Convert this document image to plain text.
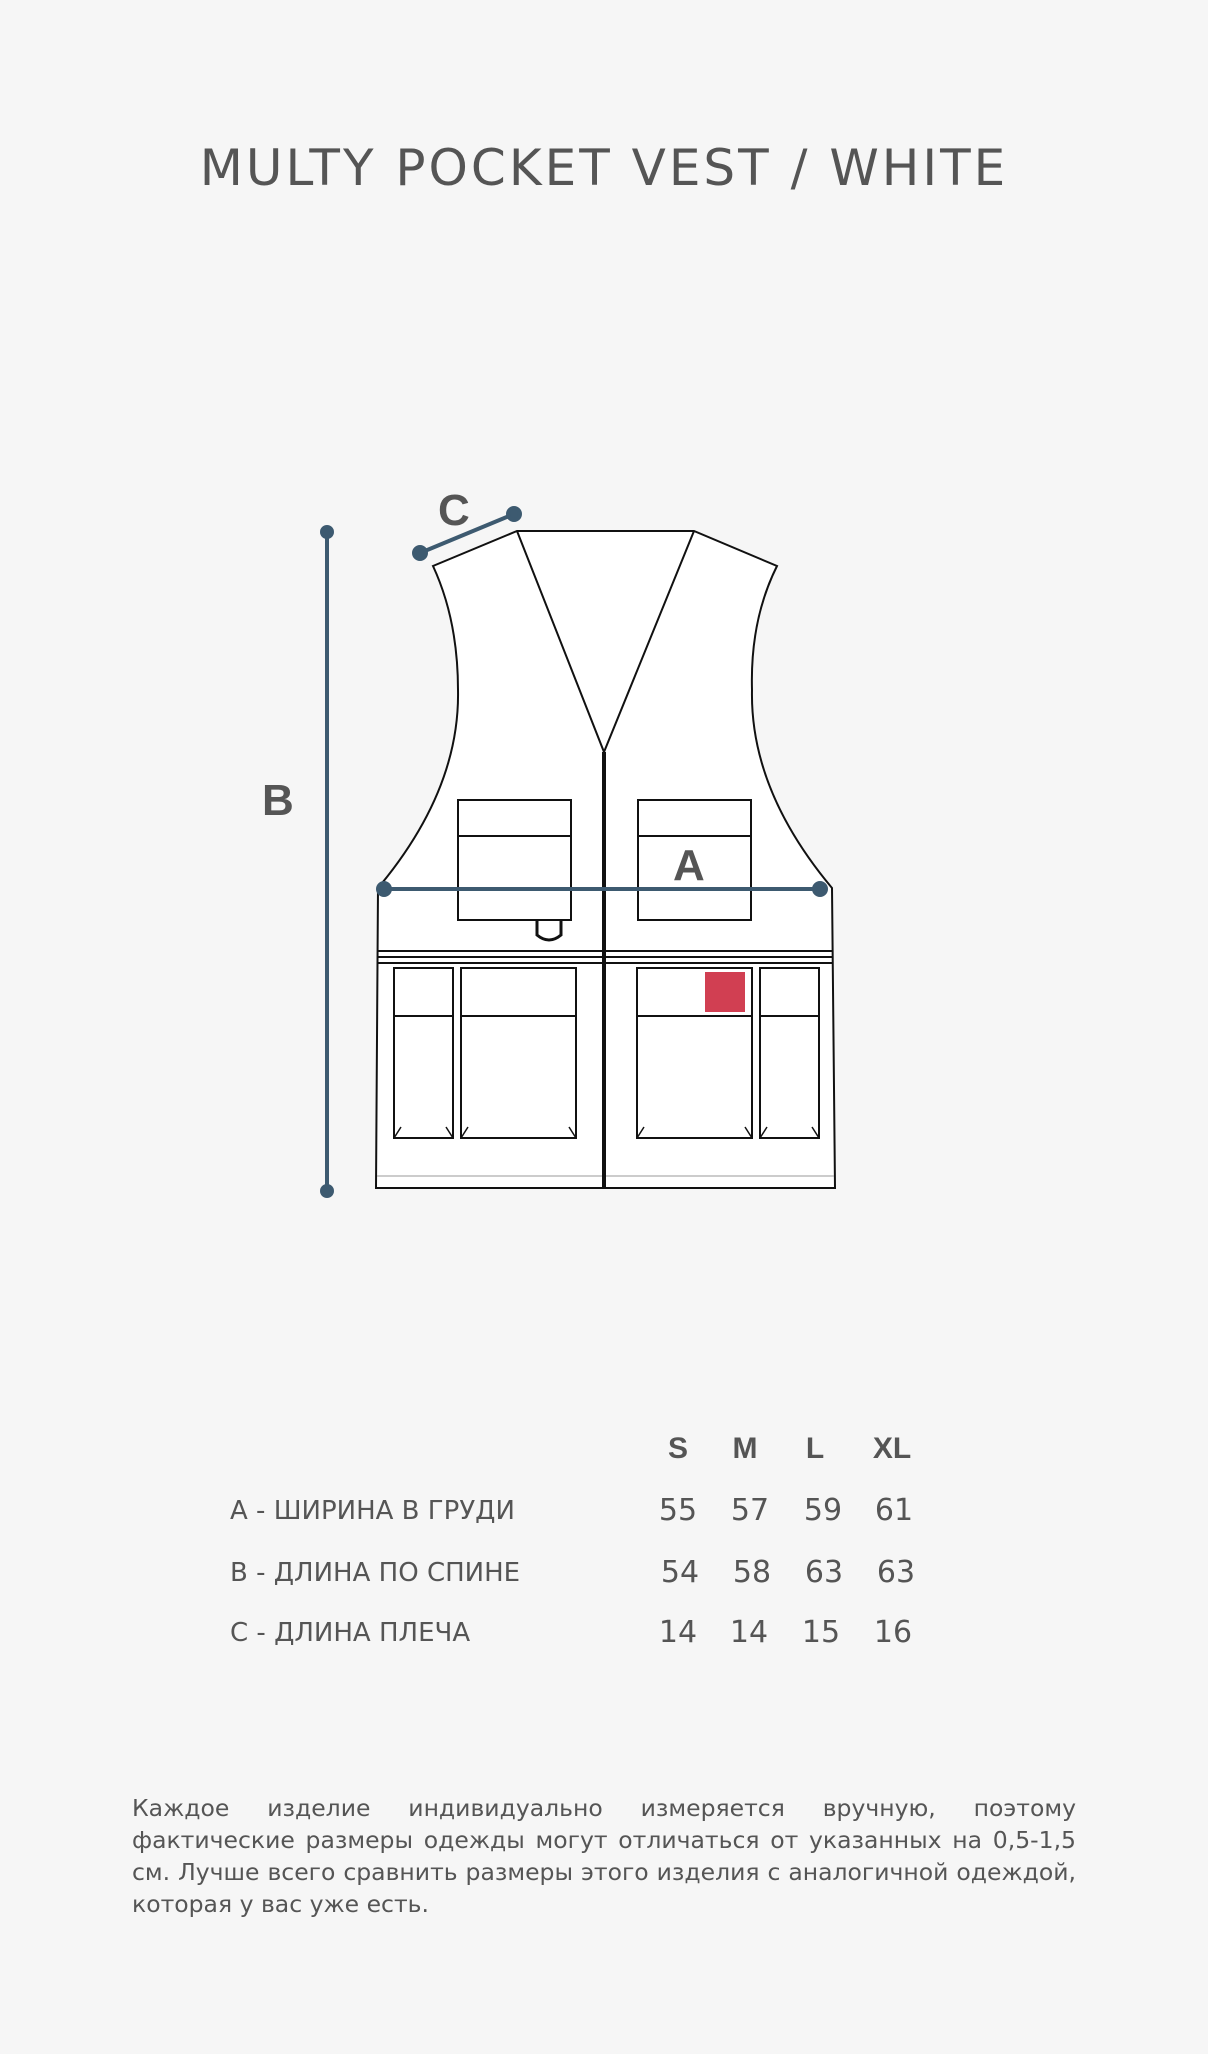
MULTY POCKET VEST / WHITE
A
B
C
S	M	L	XL
A - ШИРИНА В ГРУДИ	55	57	59	61
B - ДЛИНА ПО СПИНЕ	54	58	63	63
C - ДЛИНА ПЛЕЧА	14	14	15	16
Каждое изделие индивидуально измеряется вручную, поэтому фактические размеры одежды могут отличаться от указанных на 0,5-1,5 см. Лучше всего сравнить размеры этого изделия с аналогичной одеждой, которая у вас уже есть.
